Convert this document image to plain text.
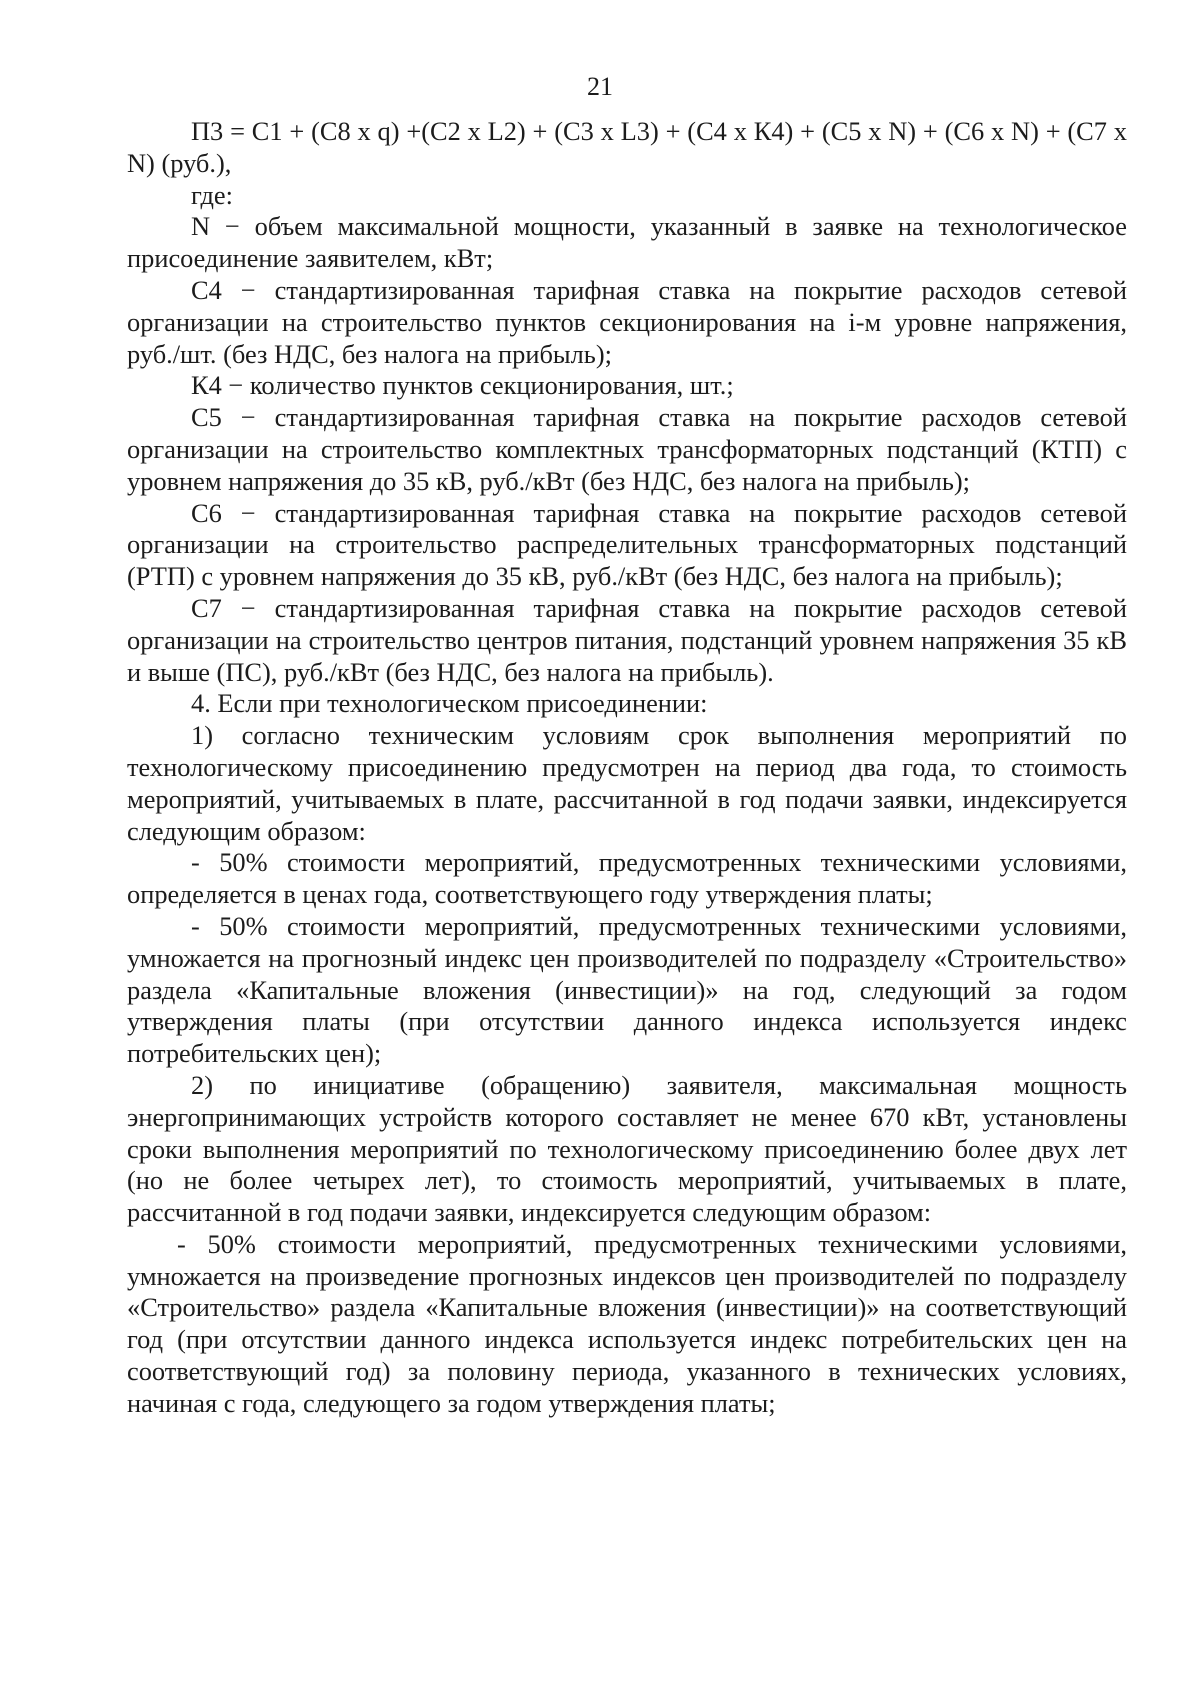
21

П3 = С1 + (С8 х q) +(С2 х L2) + (С3 х L3) + (С4 х К4) + (С5 х N) + (С6 х N) + (С7 х N) (руб.),

где:

N − объем максимальной мощности, указанный в заявке на технологическое присоединение заявителем, кВт;

С4 − стандартизированная тарифная ставка на покрытие расходов сетевой организации на строительство пунктов секционирования на i-м уровне напряжения, руб./шт. (без НДС, без налога на прибыль);

К4 − количество пунктов секционирования, шт.;

С5 − стандартизированная тарифная ставка на покрытие расходов сетевой организации на строительство комплектных трансформаторных подстанций (КТП) с уровнем напряжения до 35 кВ, руб./кВт (без НДС, без налога на прибыль);

С6 − стандартизированная тарифная ставка на покрытие расходов сетевой организации на строительство распределительных трансформаторных подстанций (РТП) с уровнем напряжения до 35 кВ, руб./кВт (без НДС, без налога на прибыль);

С7 − стандартизированная тарифная ставка на покрытие расходов сетевой организации на строительство центров питания, подстанций уровнем напряжения 35 кВ и выше (ПС), руб./кВт (без НДС, без налога на прибыль).

4. Если при технологическом присоединении:

1) согласно техническим условиям срок выполнения мероприятий по технологическому присоединению предусмотрен на период два года, то стоимость мероприятий, учитываемых в плате, рассчитанной в год подачи заявки, индексируется следующим образом:

- 50% стоимости мероприятий, предусмотренных техническими условиями, определяется в ценах года, соответствующего году утверждения платы;

- 50% стоимости мероприятий, предусмотренных техническими условиями, умножается на прогнозный индекс цен производителей по подразделу «Строительство» раздела «Капитальные вложения (инвестиции)» на год, следующий за годом утверждения платы (при отсутствии данного индекса используется индекс потребительских цен);

2) по инициативе (обращению) заявителя, максимальная мощность энергопринимающих устройств которого составляет не менее 670 кВт, установлены сроки выполнения мероприятий по технологическому присоединению более двух лет (но не более четырех лет), то стоимость мероприятий, учитываемых в плате, рассчитанной в год подачи заявки, индексируется следующим образом:

- 50% стоимости мероприятий, предусмотренных техническими условиями, умножается на произведение прогнозных индексов цен производителей по подразделу «Строительство» раздела «Капитальные вложения (инвестиции)» на соответствующий год (при отсутствии данного индекса используется индекс потребительских цен на соответствующий год) за половину периода, указанного в технических условиях, начиная с года, следующего за годом утверждения платы;
